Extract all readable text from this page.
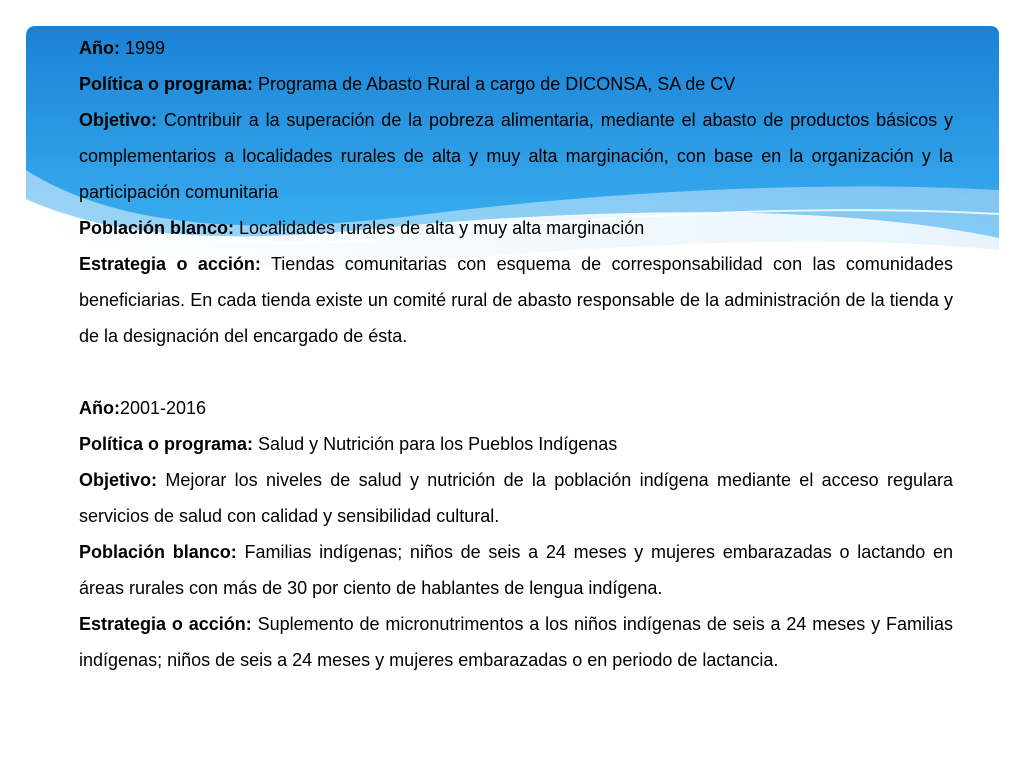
Año: 1999

Política o programa: Programa de Abasto Rural a cargo de DICONSA, SA de CV

Objetivo: Contribuir a la superación de la pobreza alimentaria, mediante el abasto de productos básicos y complementarios a localidades rurales de alta y muy alta marginación, con base en la organización y la participación comunitaria

Población blanco: Localidades rurales de alta y muy alta marginación

Estrategia o acción: Tiendas comunitarias con esquema de corresponsabilidad con las comunidades beneficiarias. En cada tienda existe un comité rural de abasto responsable de la administración de la tienda y de la designación del encargado de ésta.

Año:2001-2016

Política o programa: Salud y Nutrición para los Pueblos Indígenas

Objetivo: Mejorar los niveles de salud y nutrición de la población indígena mediante el acceso regulara servicios de salud con calidad y sensibilidad cultural.

Población blanco: Familias indígenas; niños de seis a 24 meses y mujeres embarazadas o lactando en áreas rurales con más de 30 por ciento de hablantes de lengua indígena.

Estrategia o acción: Suplemento de micronutrimentos a los niños indígenas de seis a 24 meses y Familias indígenas; niños de seis a 24 meses y mujeres embarazadas o en periodo de lactancia.
